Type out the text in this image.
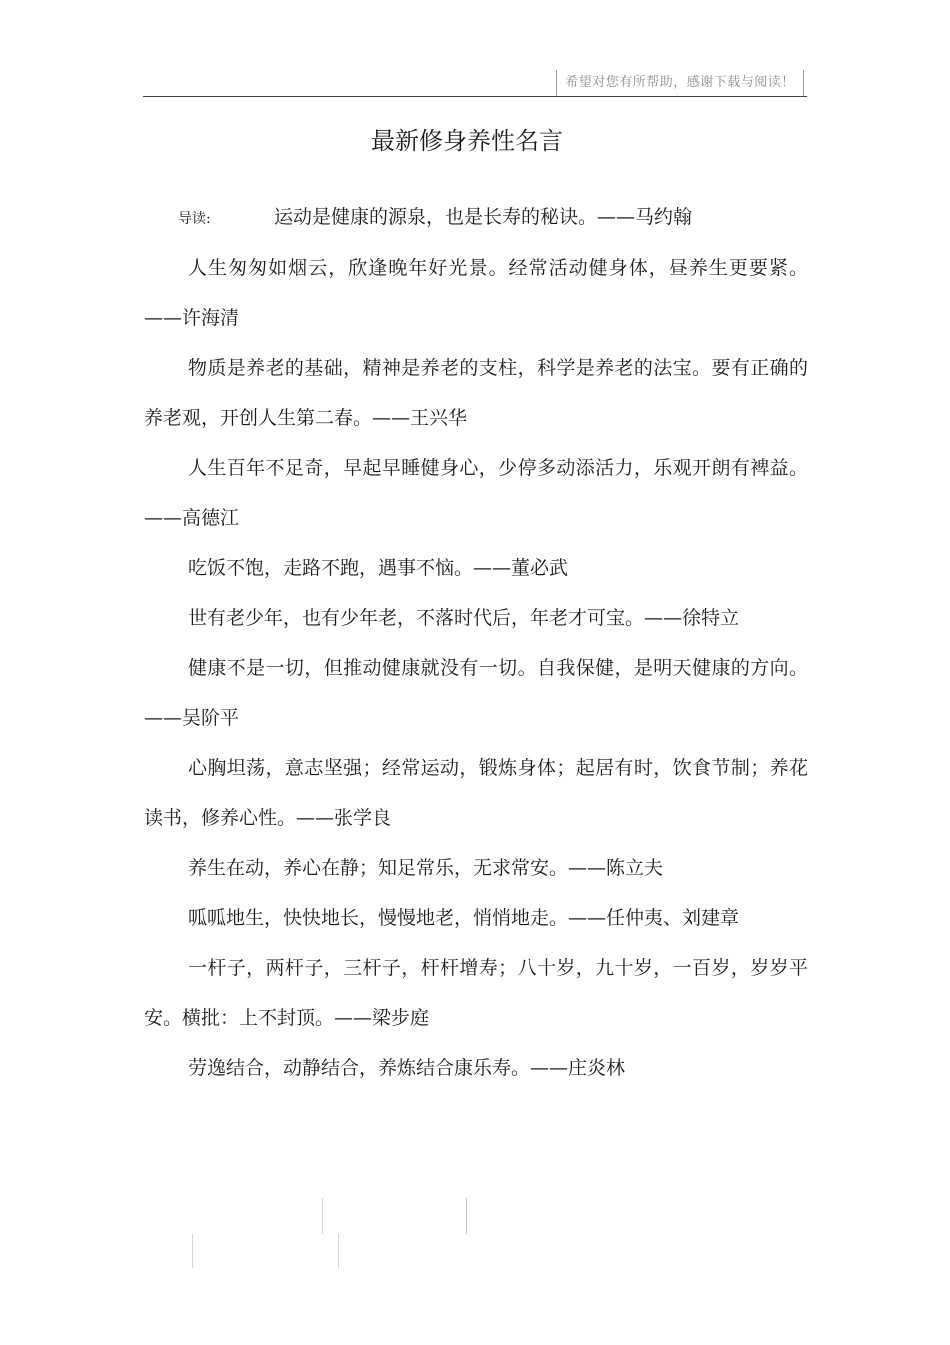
希望对您有所帮助，感谢下载与阅读！
最新修身养性名言
导读:	运动是健康的源泉，也是长寿的秘诀。——马约翰

人生匆匆如烟云，欣逢晚年好光景。经常活动健身体，昼养生更要紧。——许海清

物质是养老的基础，精神是养老的支柱，科学是养老的法宝。要有正确的养老观，开创人生第二春。——王兴华

人生百年不足奇，早起早睡健身心，少停多动添活力，乐观开朗有裨益。——高德江

吃饭不饱，走路不跑，遇事不恼。——董必武

世有老少年，也有少年老，不落时代后，年老才可宝。——徐特立

健康不是一切，但推动健康就没有一切。自我保健，是明天健康的方向。——吴阶平

心胸坦荡，意志坚强；经常运动，锻炼身体；起居有时，饮食节制；养花读书，修养心性。——张学良

养生在动，养心在静；知足常乐，无求常安。——陈立夫

呱呱地生，快快地长，慢慢地老，悄悄地走。——任仲夷、刘建章

一杆子，两杆子，三杆子，杆杆增寿；八十岁，九十岁，一百岁，岁岁平安。横批：上不封顶。——梁步庭

劳逸结合，动静结合，养炼结合康乐寿。——庄炎林
